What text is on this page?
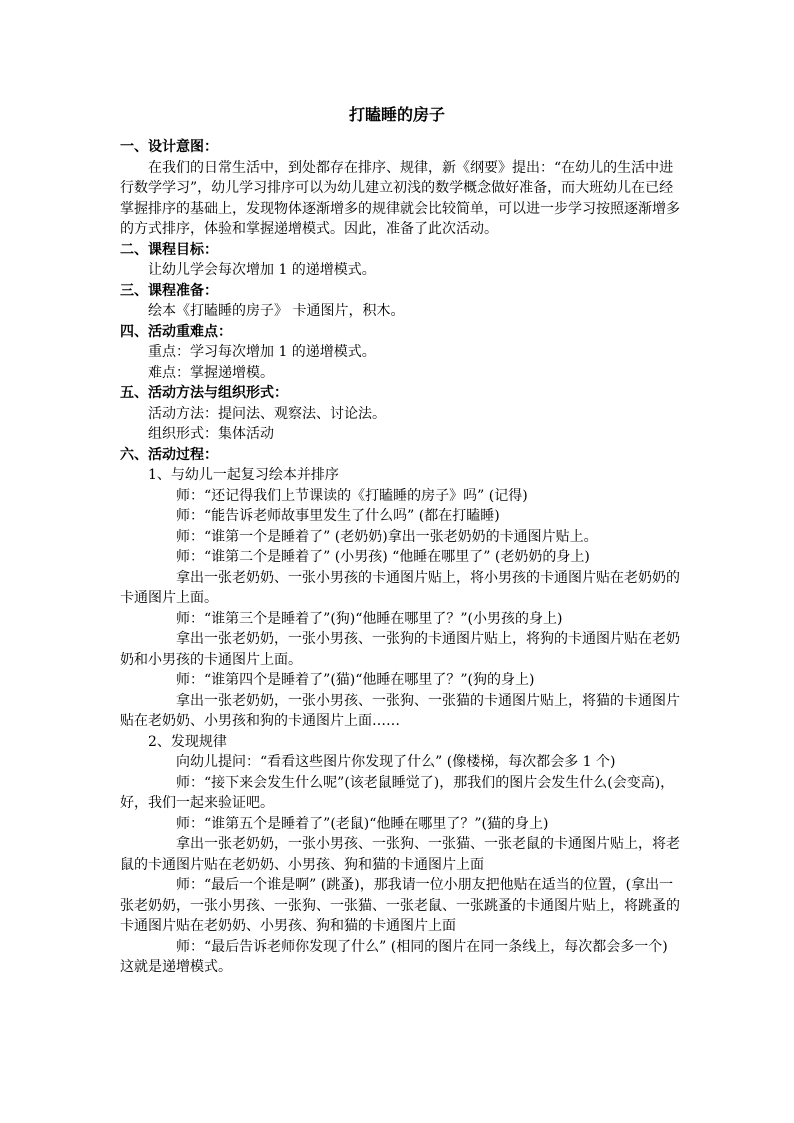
打瞌睡的房子

一、设计意图：

在我们的日常生活中，到处都存在排序、规律，新《纲要》提出：“在幼儿的生活中进行数学学习”，幼儿学习排序可以为幼儿建立初浅的数学概念做好准备，而大班幼儿在已经掌握排序的基础上，发现物体逐渐增多的规律就会比较简单，可以进一步学习按照逐渐增多的方式排序，体验和掌握递增模式。因此，准备了此次活动。

二、课程目标：

让幼儿学会每次增加 1 的递增模式。

三、课程准备：

绘本《打瞌睡的房子》 卡通图片，积木。

四、活动重难点：

重点：学习每次增加 1 的递增模式。

难点：掌握递增模。

五、活动方法与组织形式：

活动方法：提问法、观察法、讨论法。

组织形式：集体活动

六、活动过程：

1、与幼儿一起复习绘本并排序

师：“还记得我们上节课读的《打瞌睡的房子》吗” (记得)

师：“能告诉老师故事里发生了什么吗” (都在打瞌睡)

师：“谁第一个是睡着了” (老奶奶)拿出一张老奶奶的卡通图片贴上。

师：“谁第二个是睡着了” (小男孩) “他睡在哪里了” (老奶奶的身上)

拿出一张老奶奶、一张小男孩的卡通图片贴上，将小男孩的卡通图片贴在老奶奶的卡通图片上面。

师：“谁第三个是睡着了”(狗)“他睡在哪里了？”(小男孩的身上)

拿出一张老奶奶，一张小男孩、一张狗的卡通图片贴上，将狗的卡通图片贴在老奶奶和小男孩的卡通图片上面。

师：“谁第四个是睡着了”(猫)“他睡在哪里了？”(狗的身上)

拿出一张老奶奶，一张小男孩、一张狗、一张猫的卡通图片贴上，将猫的卡通图片贴在老奶奶、小男孩和狗的卡通图片上面……

2、发现规律

向幼儿提问：“看看这些图片你发现了什么” (像楼梯，每次都会多 1 个)

师：“接下来会发生什么呢”(该老鼠睡觉了)，那我们的图片会发生什么(会变高)，好，我们一起来验证吧。

师：“谁第五个是睡着了”(老鼠)“他睡在哪里了？”(猫的身上)

拿出一张老奶奶，一张小男孩、一张狗、一张猫、一张老鼠的卡通图片贴上，将老鼠的卡通图片贴在老奶奶、小男孩、狗和猫的卡通图片上面

师：“最后一个谁是啊” (跳蚤)，那我请一位小朋友把他贴在适当的位置，(拿出一张老奶奶，一张小男孩、一张狗、一张猫、一张老鼠、一张跳蚤的卡通图片贴上，将跳蚤的卡通图片贴在老奶奶、小男孩、狗和猫的卡通图片上面

师：“最后告诉老师你发现了什么” (相同的图片在同一条线上，每次都会多一个)这就是递增模式。
